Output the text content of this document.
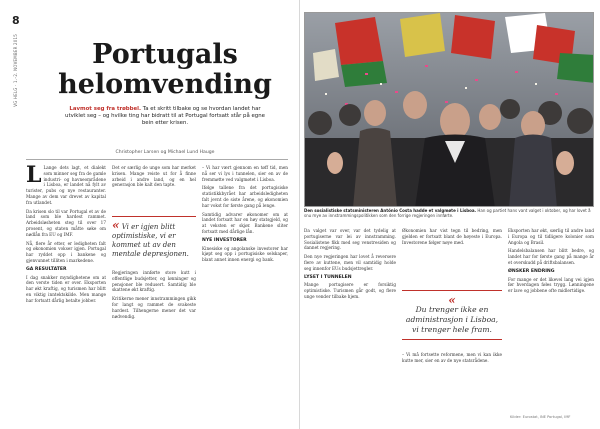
8
VG HELG · 1.–2. NOVEMBER 2015	Portugals helomvending
Lavmot seg fra trøbbel. Ta et skritt tilbake og se hvordan landet har utviklet seg – og hvilke ting har bidratt til at Portugal fortsatt står på egne bein etter krisen.
Christopher Larsen og Michael Lund Hauge

L Lange dets lagt, et dialekt som minner seg fra de gamle industri- og havneområdene i Lisboa, er landet nå fylt av turister, pubs og nye restauranter. Mange av dem var drevet av kapital fra utlandet.

Da krisen slo til var Portugal et av de land som ble hardest rammet. Arbeidsløsheten steg til over 17 prosent, og staten måtte søke om nødlån fra EU og IMF.

Nå, flere år etter, er ledigheten falt og økonomien vokser igjen. Portugal har ryddet opp i bankene og gjenvunnet tilliten i markedene.

GA RESULTATER

I dag snakker myndighetene om at den verste tiden er over. Eksporten har økt kraftig, og turismen har blitt en viktig inntektskilde. Men mange har fortsatt dårlig betalte jobber.

Det er særlig de unge som har merket krisen. Mange reiste ut for å finne arbeid i andre land, og en hel generasjon ble kalt den tapte.

« Vi er igjen blitt optimistiske, vi er kommet ut av den mentale depresjonen.

Regjeringen innførte store kutt i offentlige budsjetter, og lønninger og pensjoner ble redusert. Samtidig ble skattene økt kraftig.

Kritikerne mener innstrammingen gikk for langt og rammet de svakeste hardest. Tilhengerne mener det var nødvendig.

– Vi har vært gjennom en tøff tid, men nå ser vi lys i tunnelen, sier en av de fremmøtte ved valgmøtet i Lisboa.

Ifølge tallene fra det portugisiske statistikkbyrået har arbeidsledigheten falt jevnt de siste årene, og økonomien har vokst for første gang på lenge.

Samtidig advarer økonomer om at landet fortsatt har en høy statsgjeld, og at veksten er skjør. Bankene sliter fortsatt med dårlige lån.

NYE INVESTORER

Kinesiske og angolanske investorer har kjøpt seg opp i portugisiske selskaper, blant annet innen energi og bank.

Den sosialistiske statsministeren António Costa hadde et valgmøte i Lisboa. Han og partiet hans vant valget i oktober, og har lovet å snu mye av innstrammingspolitikken som den forrige regjeringen innførte.

Da valget var over, var det tydelig at portugiserne var lei av innstramming. Sosialistene fikk med seg venstresiden og dannet regjering.

Den nye regjeringen har lovet å reversere flere av kuttene, men vil samtidig holde seg innenfor EUs budsjettregler.

LYSET I TUNNELEN

Mange portugisere er forsiktig optimistiske. Turismen går godt, og flere unge vender tilbake hjem.

Økonomien har vist tegn til bedring, men gjelden er fortsatt blant de høyeste i Europa. Investorene følger nøye med.

«
Du trenger ikke en administrasjon i Lisboa, vi trenger hele fram.

– Vi må fortsette reformene, men vi kan ikke kutte mer, sier en av de nye statsrådene.

Eksporten har økt, særlig til andre land i Europa og til tidligere kolonier som Angola og Brasil.

Handelsbalansen har blitt bedre, og landet har for første gang på mange år et overskudd på driftsbalansen.

ØNSKER ENDRING

For mange er det likevel lang vei igjen før hverdagen føles trygg. Lønningene er lave og jobbene ofte midlertidige.

Kilder: Eurostat, INE Portugal, IMF
